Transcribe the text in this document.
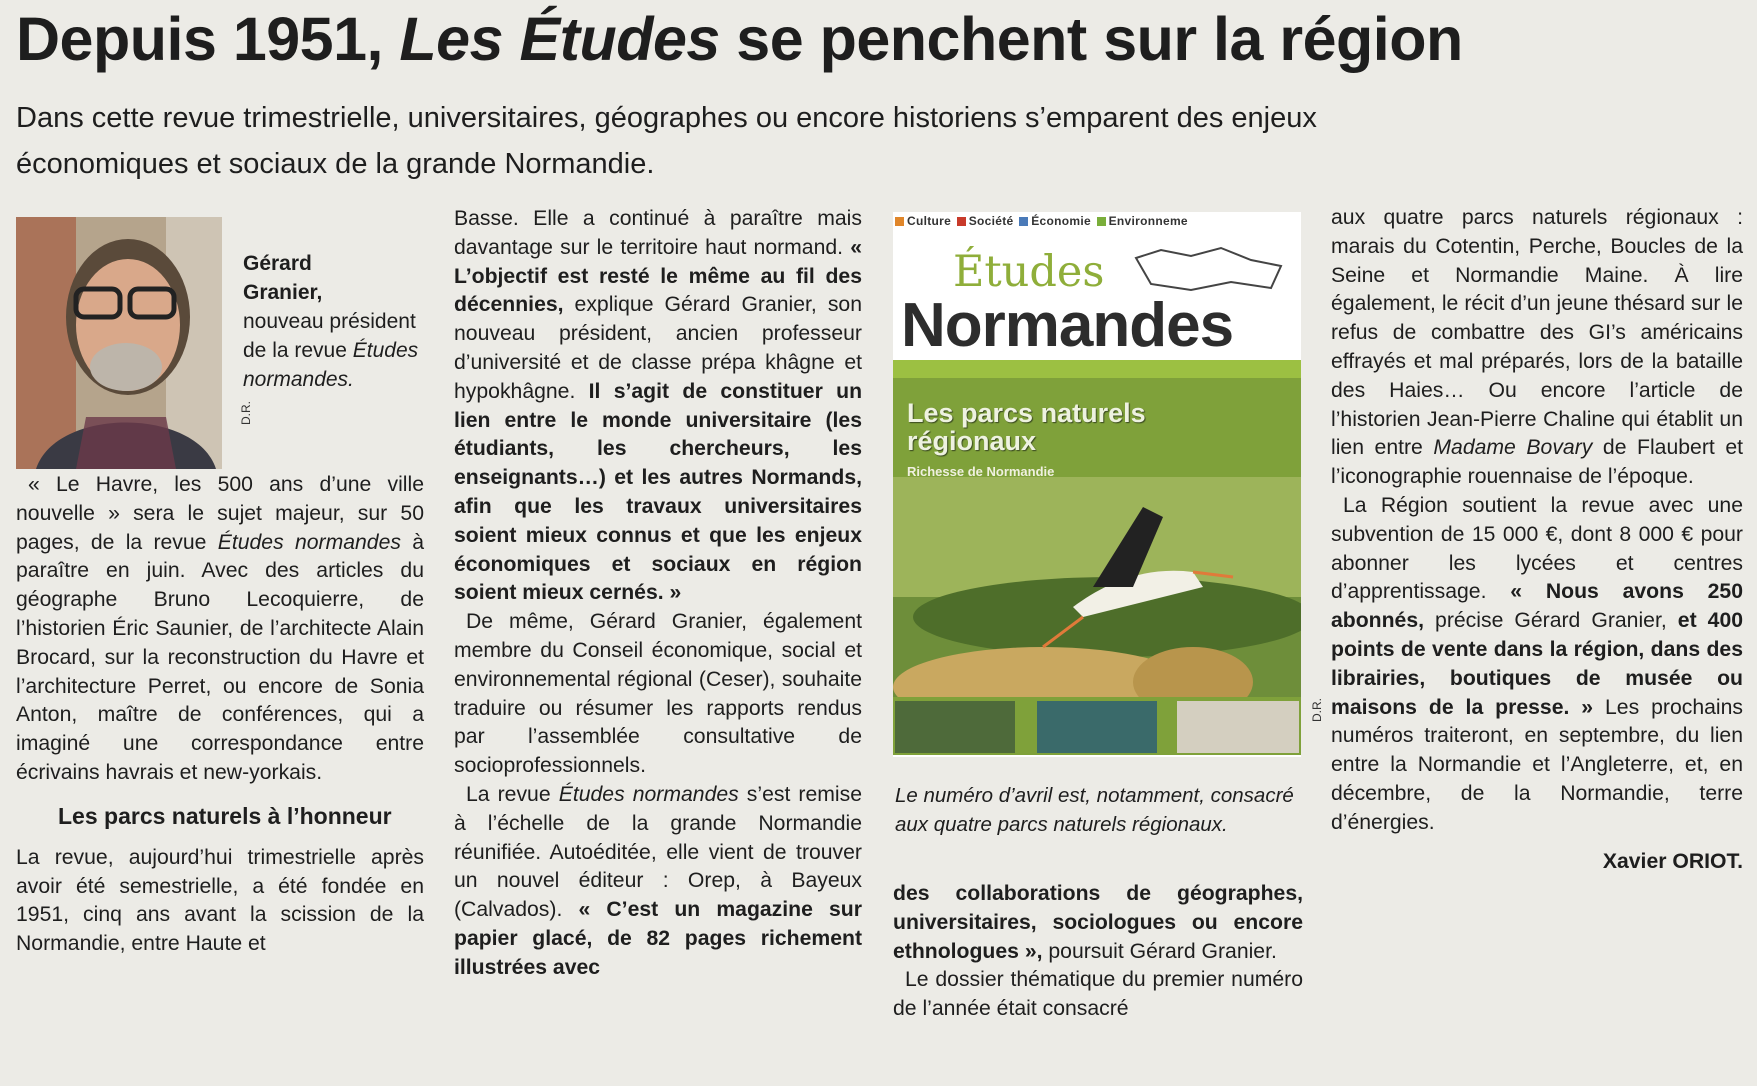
Depuis 1951, Les Études se penchent sur la région

Dans cette revue trimestrielle, universitaires, géographes ou encore historiens s’emparent des enjeux économiques et sociaux de la grande Normandie.

D.R.
Gérard Granier,
nouveau président de la revue Études normandes.

« Le Havre, les 500 ans d’une ville nouvelle » sera le sujet majeur, sur 50 pages, de la revue Études normandes à paraître en juin. Avec des articles du géographe Bruno Lecoquierre, de l’historien Éric Saunier, de l’architecte Alain Brocard, sur la reconstruction du Havre et l’architecture Perret, ou encore de Sonia Anton, maître de conférences, qui a imaginé une correspondance entre écrivains havrais et new-yorkais.

Les parcs naturels à l’honneur

La revue, aujourd’hui trimestrielle après avoir été semestrielle, a été fondée en 1951, cinq ans avant la scission de la Normandie, entre Haute et

Basse. Elle a continué à paraître mais davantage sur le territoire haut normand. « L’objectif est resté le même au fil des décennies, explique Gérard Granier, son nouveau président, ancien professeur d’université et de classe prépa khâgne et hypokhâgne. Il s’agit de constituer un lien entre le monde universitaire (les étudiants, les chercheurs, les enseignants…) et les autres Normands, afin que les travaux universitaires soient mieux connus et que les enjeux économiques et sociaux en région soient mieux cernés. »

De même, Gérard Granier, également membre du Conseil économique, social et environnemental régional (Ceser), souhaite traduire ou résumer les rapports rendus par l’assemblée consultative de socioprofessionnels.

La revue Études normandes s’est remise à l’échelle de la grande Normandie réunifiée. Autoéditée, elle vient de trouver un nouvel éditeur : Orep, à Bayeux (Calvados). « C’est un magazine sur papier glacé, de 82 pages richement illustrées avec

Culture Société Économie Environneme
Études
Normandes
Les parcs naturels régionaux
Richesse de Normandie
D.R.

Le numéro d’avril est, notamment, consacré aux quatre parcs naturels régionaux.

des collaborations de géographes, universitaires, sociologues ou encore ethnologues », poursuit Gérard Granier.

Le dossier thématique du premier numéro de l’année était consacré

aux quatre parcs naturels régionaux : marais du Cotentin, Perche, Boucles de la Seine et Normandie Maine. À lire également, le récit d’un jeune thésard sur le refus de combattre des GI’s américains effrayés et mal préparés, lors de la bataille des Haies… Ou encore l’article de l’historien Jean-Pierre Chaline qui établit un lien entre Madame Bovary de Flaubert et l’iconographie rouennaise de l’époque.

La Région soutient la revue avec une subvention de 15 000 €, dont 8 000 € pour abonner les lycées et centres d’apprentissage. « Nous avons 250 abonnés, précise Gérard Granier, et 400 points de vente dans la région, dans des librairies, boutiques de musée ou maisons de la presse. » Les prochains numéros traiteront, en septembre, du lien entre la Normandie et l’Angleterre, et, en décembre, de la Normandie, terre d’énergies.

Xavier ORIOT.
